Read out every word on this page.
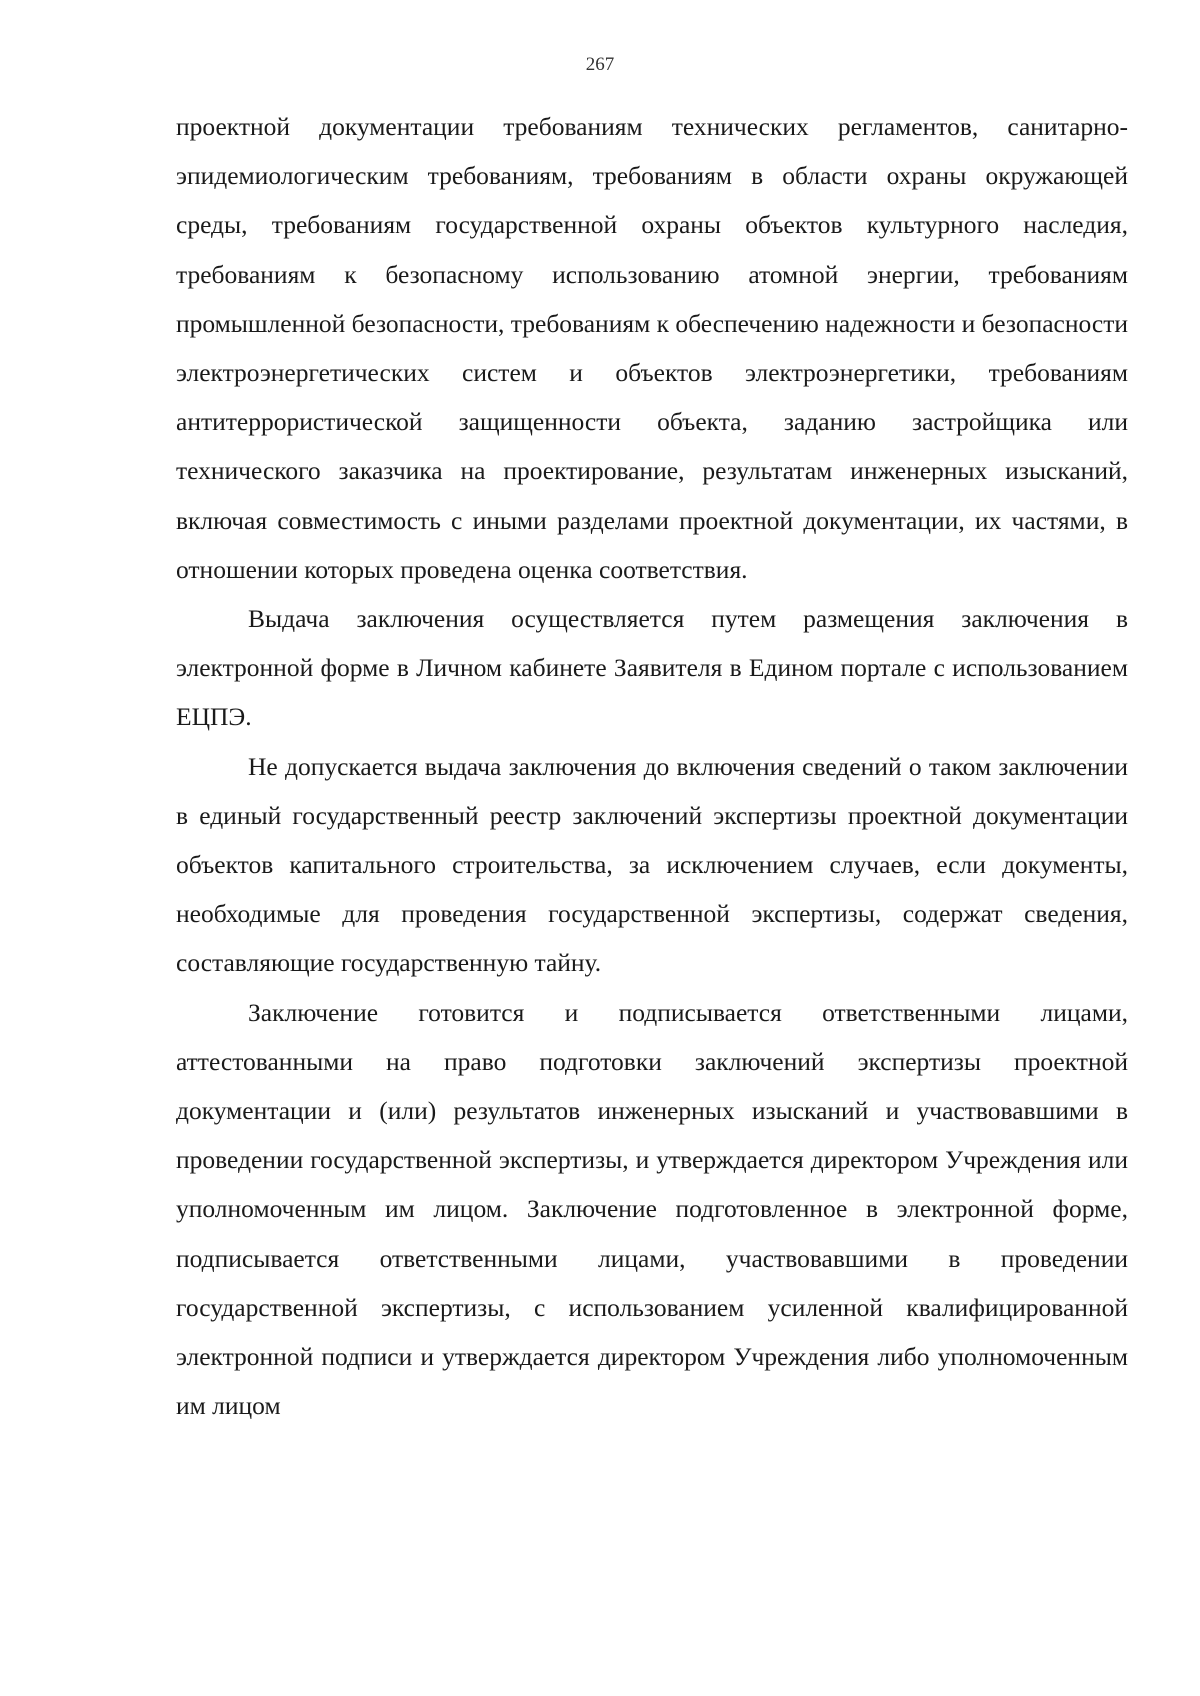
267

проектной документации требованиям технических регламентов, санитарно-эпидемиологическим требованиям, требованиям в области охраны окружающей среды, требованиям государственной охраны объектов культурного наследия, требованиям к безопасному использованию атомной энергии, требованиям промышленной безопасности, требованиям к обеспечению надежности и безопасности электроэнергетических систем и объектов электроэнергетики, требованиям антитеррористической защищенности объекта, заданию застройщика или технического заказчика на проектирование, результатам инженерных изысканий, включая совместимость с иными разделами проектной документации, их частями, в отношении которых проведена оценка соответствия.

Выдача заключения осуществляется путем размещения заключения в электронной форме в Личном кабинете Заявителя в Едином портале с использованием ЕЦПЭ.

Не допускается выдача заключения до включения сведений о таком заключении в единый государственный реестр заключений экспертизы проектной документации объектов капитального строительства, за исключением случаев, если документы, необходимые для проведения государственной экспертизы, содержат сведения, составляющие государственную тайну.

Заключение готовится и подписывается ответственными лицами, аттестованными на право подготовки заключений экспертизы проектной документации и (или) результатов инженерных изысканий и участвовавшими в проведении государственной экспертизы, и утверждается директором Учреждения или уполномоченным им лицом. Заключение подготовленное в электронной форме, подписывается ответственными лицами, участвовавшими в проведении государственной экспертизы, с использованием усиленной квалифицированной электронной подписи и утверждается директором Учреждения либо уполномоченным им лицом
